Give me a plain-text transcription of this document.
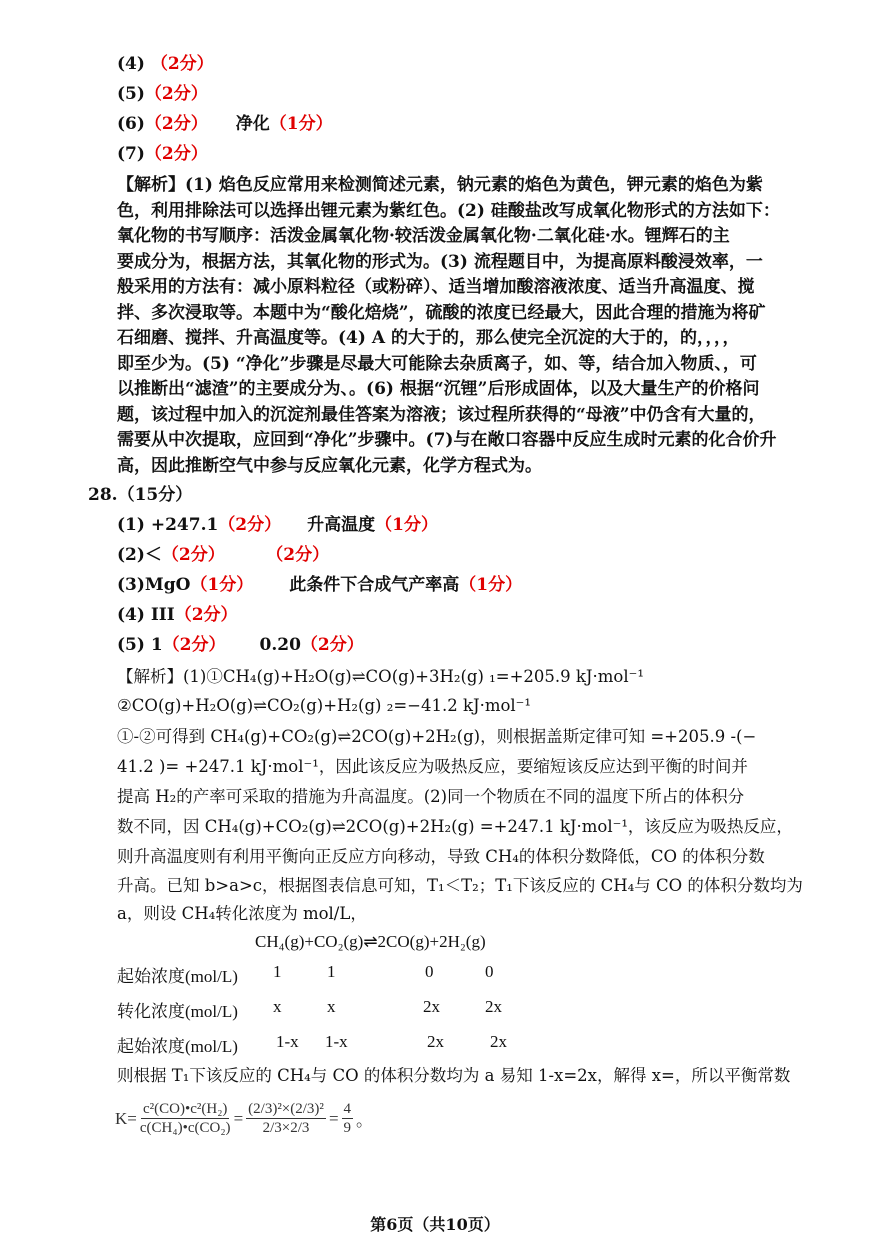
(4) （2分）
(5)（2分）
(6)（2分） 净化（1分）
(7)（2分）
【解析】(1) 焰色反应常用来检测简述元素，钠元素的焰色为黄色，钾元素的焰色为紫
色，利用排除法可以选择出锂元素为紫红色。(2) 硅酸盐改写成氧化物形式的方法如下：
氧化物的书写顺序：活泼金属氧化物·较活泼金属氧化物·二氧化硅·水。锂辉石的主
要成分为，根据方法，其氧化物的形式为。(3) 流程题目中，为提高原料酸浸效率，一
般采用的方法有：减小原料粒径（或粉碎）、适当增加酸溶液浓度、适当升高温度、搅
拌、多次浸取等。本题中为“酸化焙烧”，硫酸的浓度已经最大，因此合理的措施为将矿
石细磨、搅拌、升高温度等。(4) A 的大于的，那么使完全沉淀的大于的，的，，，，
即至少为。(5) “净化”步骤是尽最大可能除去杂质离子，如、等，结合加入物质、，可
以推断出“滤渣”的主要成分为、。(6) 根据“沉锂”后形成固体，以及大量生产的价格问
题，该过程中加入的沉淀剂最佳答案为溶液；该过程所获得的“母液”中仍含有大量的，
需要从中次提取，应回到“净化”步骤中。(7)与在敞口容器中反应生成时元素的化合价升
高，因此推断空气中参与反应氧化元素，化学方程式为。
28.（15分）
(1) +247.1（2分） 升高温度（1分）
(2)＜（2分）	（2分）
(3)MgO（1分） 此条件下合成气产率高（1分）
(4) III（2分）
(5) 1（2分） 0.20（2分）
【解析】(1)①CH₄(g)+H₂O(g)⇌CO(g)+3H₂(g) ₁=+205.9 kJ·mol⁻¹
②CO(g)+H₂O(g)⇌CO₂(g)+H₂(g) ₂=−41.2 kJ·mol⁻¹
①-②可得到 CH₄(g)+CO₂(g)⇌2CO(g)+2H₂(g)，则根据盖斯定律可知 =+205.9 -(−
41.2 )= +247.1 kJ·mol⁻¹，因此该反应为吸热反应，要缩短该反应达到平衡的时间并
提高 H₂的产率可采取的措施为升高温度。(2)同一个物质在不同的温度下所占的体积分
数不同，因 CH₄(g)+CO₂(g)⇌2CO(g)+2H₂(g) =+247.1 kJ·mol⁻¹，该反应为吸热反应，
则升高温度则有利用平衡向正反应方向移动，导致 CH₄的体积分数降低，CO 的体积分数
升高。已知 b>a>c，根据图表信息可知，T₁＜T₂；T₁下该反应的 CH₄与 CO 的体积分数均为
a，则设 CH₄转化浓度为 mol/L，
CH₄(g)+CO₂(g)⇌2CO(g)+2H₂(g)
起始浓度(mol/L) 1	1	0	0
转化浓度(mol/L) x	x	2x	2x
起始浓度(mol/L) 1-x 1-x	2x	2x
则根据 T₁下该反应的 CH₄与 CO 的体积分数均为 a 易知 1-x=2x，解得 x=，所以平衡常数
$K= \frac{\text{c²(CO)•c²(H₂)}}{\text{c(CH₄)•c(CO₂)}} = \frac{\text{(2/3)²×(2/3)²}}{2/3\times 2/3} = \frac{4}{9}$ 。
第6页（共10页）
